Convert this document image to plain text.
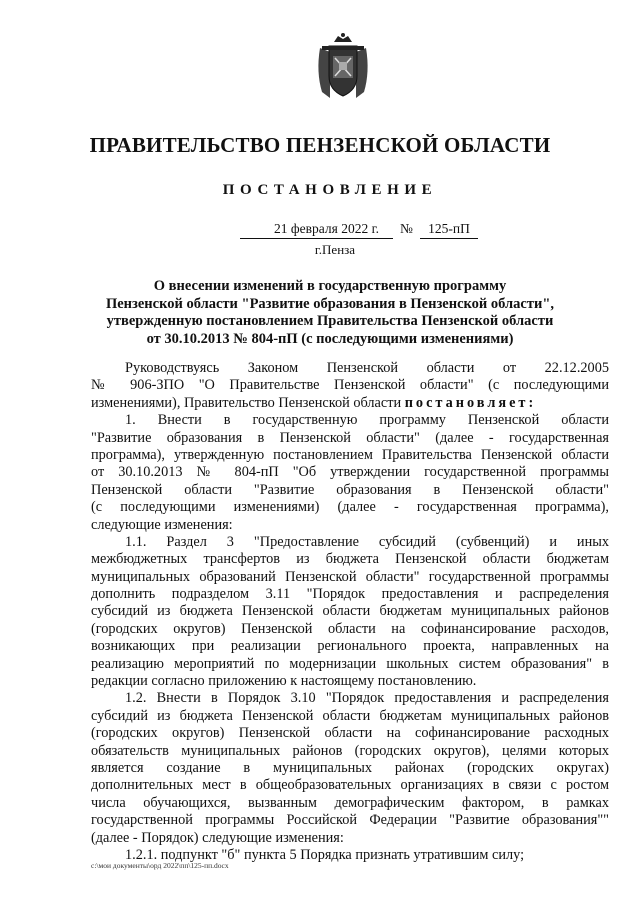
ПРАВИТЕЛЬСТВО ПЕНЗЕНСКОЙ ОБЛАСТИ
ПОСТАНОВЛЕНИЕ
21 февраля 2022 г.	№	125-пП
г.Пенза
О внесении изменений в государственную программу
Пензенской области "Развитие образования в Пензенской области",
утвержденную постановлением Правительства Пензенской области
от 30.10.2013 № 804-пП (с последующими изменениями)
Руководствуясь Законом Пензенской области от 22.12.2005
№ 906-ЗПО "О Правительстве Пензенской области" (с последующими
изменениями), Правительство Пензенской области постановляет:
1. Внести в государственную программу Пензенской области
"Развитие образования в Пензенской области" (далее - государственная
программа), утвержденную постановлением Правительства Пензенской области
от 30.10.2013 № 804-пП "Об утверждении государственной программы
Пензенской области "Развитие образования в Пензенской области"
(с последующими изменениями) (далее - государственная программа),
следующие изменения:
1.1. Раздел 3 "Предоставление субсидий (субвенций) и иных
межбюджетных трансфертов из бюджета Пензенской области бюджетам
муниципальных образований Пензенской области" государственной программы
дополнить подразделом 3.11 "Порядок предоставления и распределения
субсидий из бюджета Пензенской области бюджетам муниципальных районов
(городских округов) Пензенской области на софинансирование расходов,
возникающих при реализации регионального проекта, направленных на
реализацию мероприятий по модернизации школьных систем образования" в
редакции согласно приложению к настоящему постановлению.
1.2. Внести в Порядок 3.10 "Порядок предоставления и распределения
субсидий из бюджета Пензенской области бюджетам муниципальных районов
(городских округов) Пензенской области на софинансирование расходных
обязательств муниципальных районов (городских округов), целями которых
является создание в муниципальных районах (городских округах)
дополнительных мест в общеобразовательных организациях в связи с ростом
числа обучающихся, вызванным демографическим фактором, в рамках
государственной программы Российской Федерации "Развитие образования""
(далее - Порядок) следующие изменения:
1.2.1. подпункт "б" пункта 5 Порядка признать утратившим силу;
c:\мои документы\орд 2022\пп\125-пп.docx
